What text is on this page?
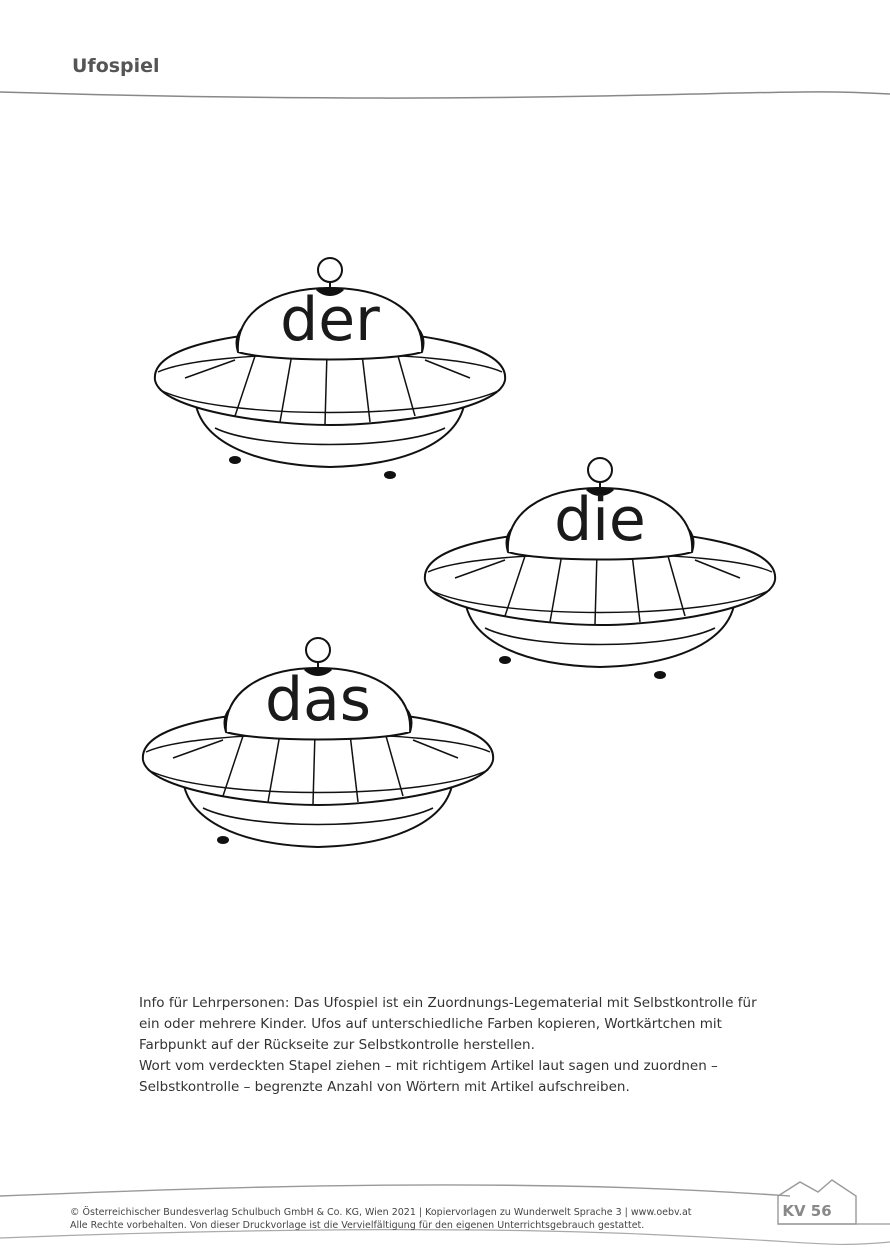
Ufospiel
der
die
das

Info für Lehrpersonen: Das Ufospiel ist ein Zuordnungs-Legematerial mit Selbstkontrolle für ein oder mehrere Kinder. Ufos auf unterschiedliche Farben kopieren, Wortkärtchen mit Farbpunkt auf der Rückseite zur Selbstkontrolle herstellen.

Wort vom verdeckten Stapel ziehen – mit richtigem Artikel laut sagen und zuordnen – Selbstkontrolle – begrenzte Anzahl von Wörtern mit Artikel aufschreiben.

© Österreichischer Bundesverlag Schulbuch GmbH & Co. KG, Wien 2021 | Kopiervorlagen zu Wunderwelt Sprache 3 | www.oebv.at
Alle Rechte vorbehalten. Von dieser Druckvorlage ist die Vervielfältigung für den eigenen Unterrichtsgebrauch gestattet.
KV 56
